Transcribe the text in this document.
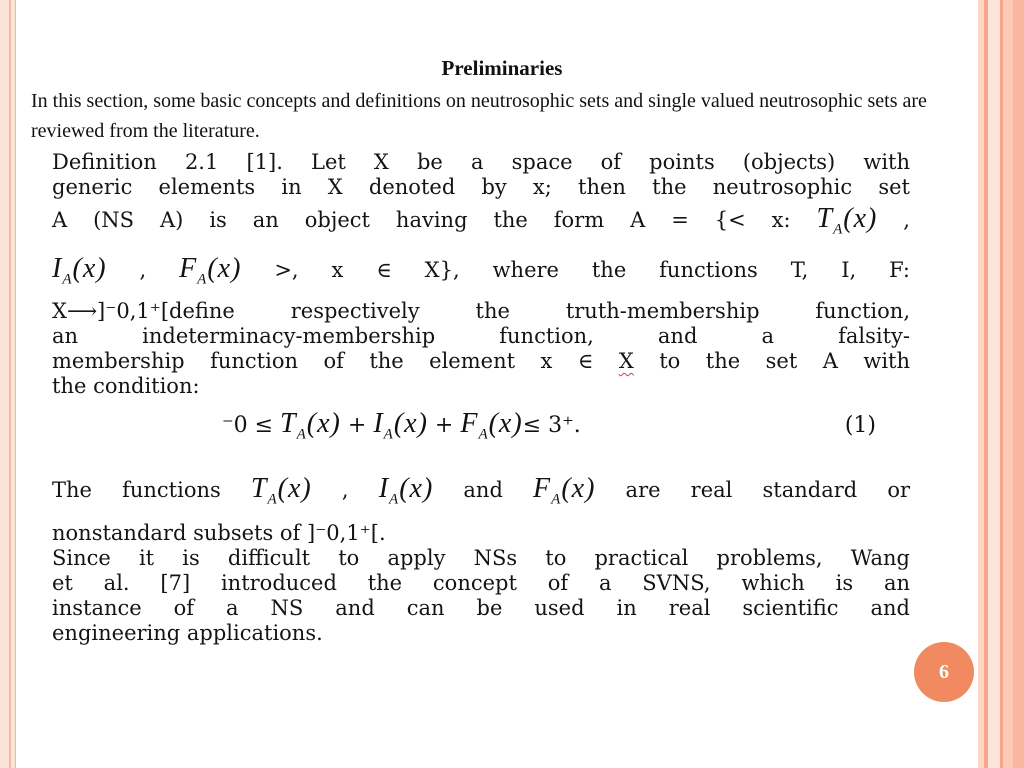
Preliminaries
In this section, some basic concepts and definitions on neutrosophic sets and single valued neutrosophic sets are reviewed from the literature.

Definition 2.1 [1]. Let X be a space of points (objects) with

generic elements in X denoted by x; then the neutrosophic set

A (NS A) is an object having the form A = {< x: $T_A(x)$ ,

$I_A(x)$ , $F_A(x)$ >, x ∈ X}, where the functions T, I, F:

X⟶]⁻0,1⁺[define respectively the truth-membership function,

an indeterminacy-membership function, and a falsity-

membership function of the element x ∈ X to the set A with

the condition:

⁻0 ≤
$T_A(x)$
+
$I_A(x)$
+
$F_A(x) \le 3^+$.	(1)

The functions $T_A(x)$ , $I_A(x)$ and $F_A(x)$ are real standard or

nonstandard subsets of ]⁻0,1⁺[.

Since it is difficult to apply NSs to practical problems, Wang

et al. [7] introduced the concept of a SVNS, which is an

instance of a NS and can be used in real scientific and

engineering applications.

6
